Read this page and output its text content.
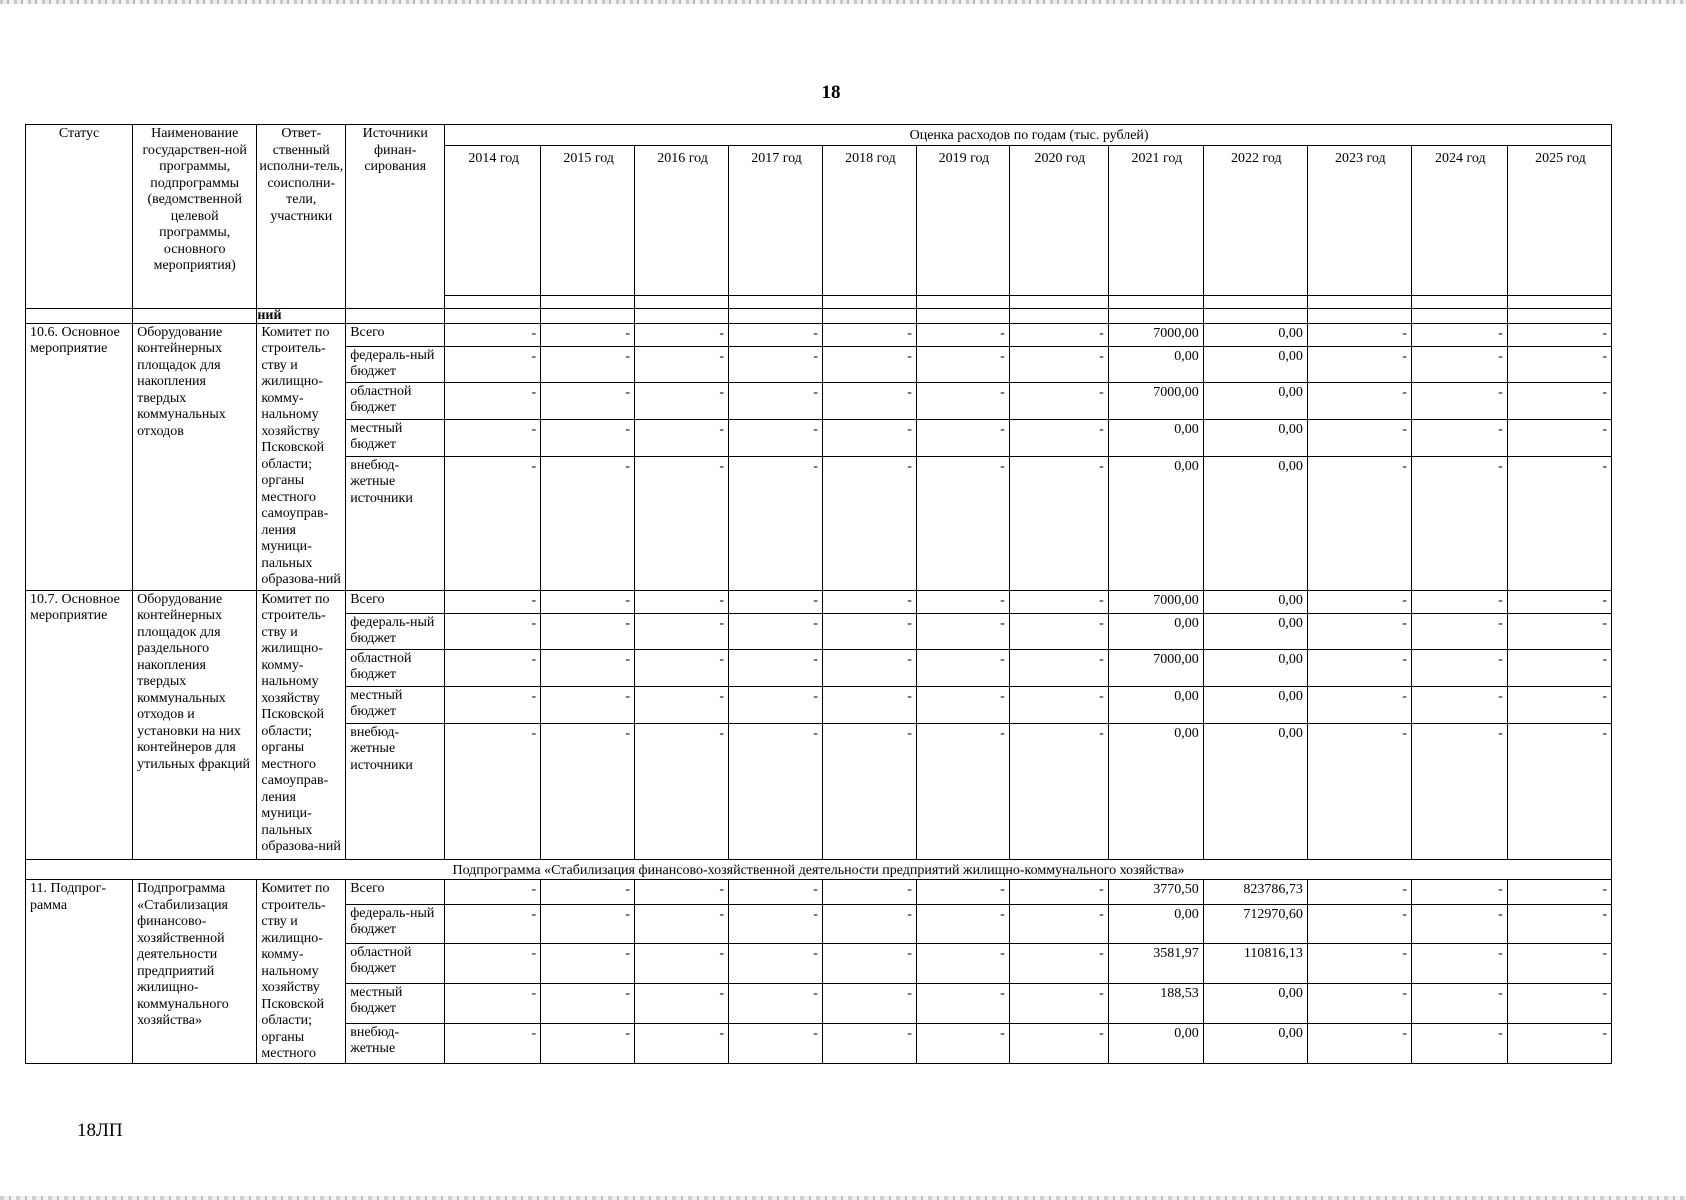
18
Статус	Наименование государствен-ной программы, подпрограммы (ведомственной целевой программы, основного мероприятия)	Ответ-ственный исполни-тель, соисполни-тели, участники	Источники финан-сирования	Оценка расходов по годам (тыс. рублей)											
				2014 год	2015 год	2016 год	2017 год	2018 год	2019 год	2020 год	2021 год	2022 год	2023 год	2024 год	2025 год

		ний													
10.6. Основное мероприятие	Оборудование контейнерных площадок для накопления твердых коммунальных отходов	Комитет по строитель-ству и жилищно-комму-нальному хозяйству Псковской области; органы местного самоуправ-ления муници-пальных образова-ний	Всего	-	-	-	-	-	-	-	7000,00	0,00	-	-	-
			федераль-ный бюджет	-	-	-	-	-	-	-	0,00	0,00	-	-	-
			областной бюджет	-	-	-	-	-	-	-	7000,00	0,00	-	-	-
			местный бюджет	-	-	-	-	-	-	-	0,00	0,00	-	-	-
			внебюд-жетные источники	-	-	-	-	-	-	-	0,00	0,00	-	-	-
10.7. Основное мероприятие	Оборудование контейнерных площадок для раздельного накопления твердых коммунальных отходов и установки на них контейнеров для утильных фракций	Комитет по строитель-ству и жилищно-комму-нальному хозяйству Псковской области; органы местного самоуправ-ления муници-пальных образова-ний	Всего	-	-	-	-	-	-	-	7000,00	0,00	-	-	-
			федераль-ный бюджет	-	-	-	-	-	-	-	0,00	0,00	-	-	-
			областной бюджет	-	-	-	-	-	-	-	7000,00	0,00	-	-	-
			местный бюджет	-	-	-	-	-	-	-	0,00	0,00	-	-	-
			внебюд-жетные источники	-	-	-	-	-	-	-	0,00	0,00	-	-	-
Подпрограмма «Стабилизация финансово-хозяйственной деятельности предприятий жилищно-коммунального хозяйства»															
11. Подпрог-рамма	Подпрограмма «Стабилизация финансово-хозяйственной деятельности предприятий жилищно-коммунального хозяйства»	Комитет по строитель-ству и жилищно-комму-нальному хозяйству Псковской области; органы местного	Всего	-	-	-	-	-	-	-	3770,50	823786,73	-	-	-
			федераль-ный бюджет	-	-	-	-	-	-	-	0,00	712970,60	-	-	-
			областной бюджет	-	-	-	-	-	-	-	3581,97	110816,13	-	-	-
			местный бюджет	-	-	-	-	-	-	-	188,53	0,00	-	-	-
			внебюд-жетные	-	-	-	-	-	-	-	0,00	0,00	-	-	-
18ЛП
